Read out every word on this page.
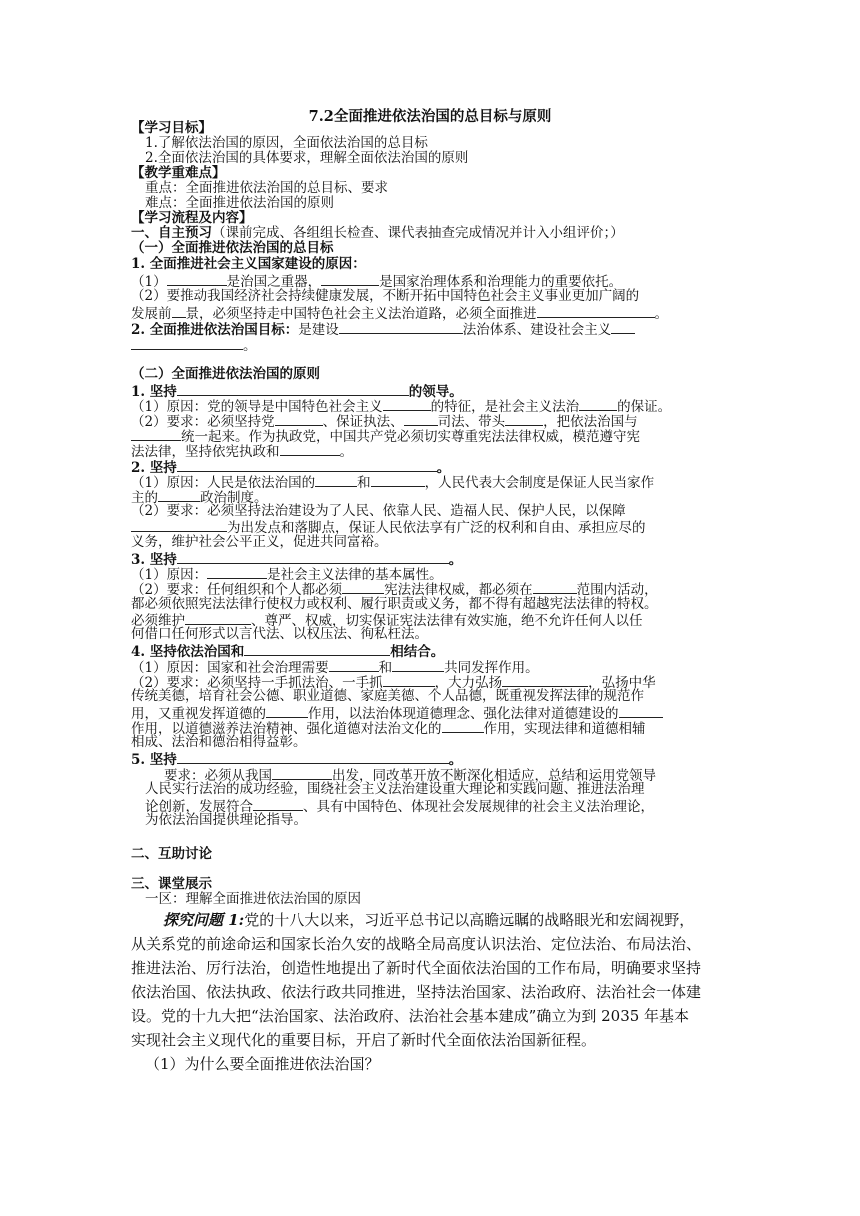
7.2全面推进依法治国的总目标与原则
【学习目标】
1.了解依法治国的原因，全面依法治国的总目标
2.全面依法治国的具体要求，理解全面依法治国的原则
【教学重难点】
重点：全面推进依法治国的总目标、要求
难点：全面推进依法治国的原则
【学习流程及内容】
一、自主预习（课前完成、各组组长检查、课代表抽查完成情况并计入小组评价；）
（一）全面推进依法治国的总目标
1. 全面推进社会主义国家建设的原因：
（1）	是治国之重器，	是国家治理体系和治理能力的重要依托。
（2）要推动我国经济社会持续健康发展，不断开拓中国特色社会主义事业更加广阔的
发展前 景，必须坚持走中国特色社会主义法治道路，必须全面推进	。
2. 全面推进依法治国目标：是建设	法治体系、建设社会主义
。
（二）全面推进依法治国的原则
1. 坚持	的领导。
（1）原因：党的领导是中国特色社会主义	的特征，是社会主义法治	的保证。
（2）要求：必须坚持党	、保证执法、	司法、带头	，把依法治国与
统一起来。作为执政党，中国共产党必须切实尊重宪法法律权威，模范遵守宪
法法律，坚持依宪执政和	。
2. 坚持	。
（1）原因：人民是依法治国的	和	，人民代表大会制度是保证人民当家作
主的	政治制度。
（2）要求：必须坚持法治建设为了人民、依靠人民、造福人民、保护人民，以保障
为出发点和落脚点，保证人民依法享有广泛的权利和自由、承担应尽的
义务，维护社会公平正义，促进共同富裕。
3. 坚持	。
（1）原因：	是社会主义法律的基本属性。
（2）要求：任何组织和个人都必须	宪法法律权威，都必须在	范围内活动，
都必须依照宪法法律行使权力或权利、履行职责或义务，都不得有超越宪法法律的特权。
必须维护	、尊严、权威，切实保证宪法法律有效实施，绝不允许任何人以任
何借口任何形式以言代法、以权压法、徇私枉法。
4. 坚持依法治国和	相结合。
（1）原因：国家和社会治理需要	和	共同发挥作用。
（2）要求：必须坚持一手抓法治、一手抓	，大力弘扬	，弘扬中华
传统美德，培育社会公德、职业道德、家庭美德、个人品德，既重视发挥法律的规范作
用，又重视发挥道德的	作用，以法治体现道德理念、强化法律对道德建设的
作用，以道德滋养法治精神、强化道德对法治文化的	作用，实现法律和道德相辅
相成、法治和德治相得益彰。
5. 坚持	。
要求：必须从我国	出发，同改革开放不断深化相适应，总结和运用党领导
人民实行法治的成功经验，围绕社会主义法治建设重大理论和实践问题、推进法治理
论创新，发展符合	、具有中国特色、体现社会发展规律的社会主义法治理论，
为依法治国提供理论指导。
二、互助讨论
三、课堂展示
一区：理解全面推进依法治国的原因
探究问题 1:党的十八大以来，习近平总书记以高瞻远瞩的战略眼光和宏阔视野，
从关系党的前途命运和国家长治久安的战略全局高度认识法治、定位法治、布局法治、
推进法治、厉行法治，创造性地提出了新时代全面依法治国的工作布局，明确要求坚持
依法治国、依法执政、依法行政共同推进，坚持法治国家、法治政府、法治社会一体建
设。党的十九大把“法治国家、法治政府、法治社会基本建成”确立为到 2035 年基本
实现社会主义现代化的重要目标，开启了新时代全面依法治国新征程。
（1）为什么要全面推进依法治国？
